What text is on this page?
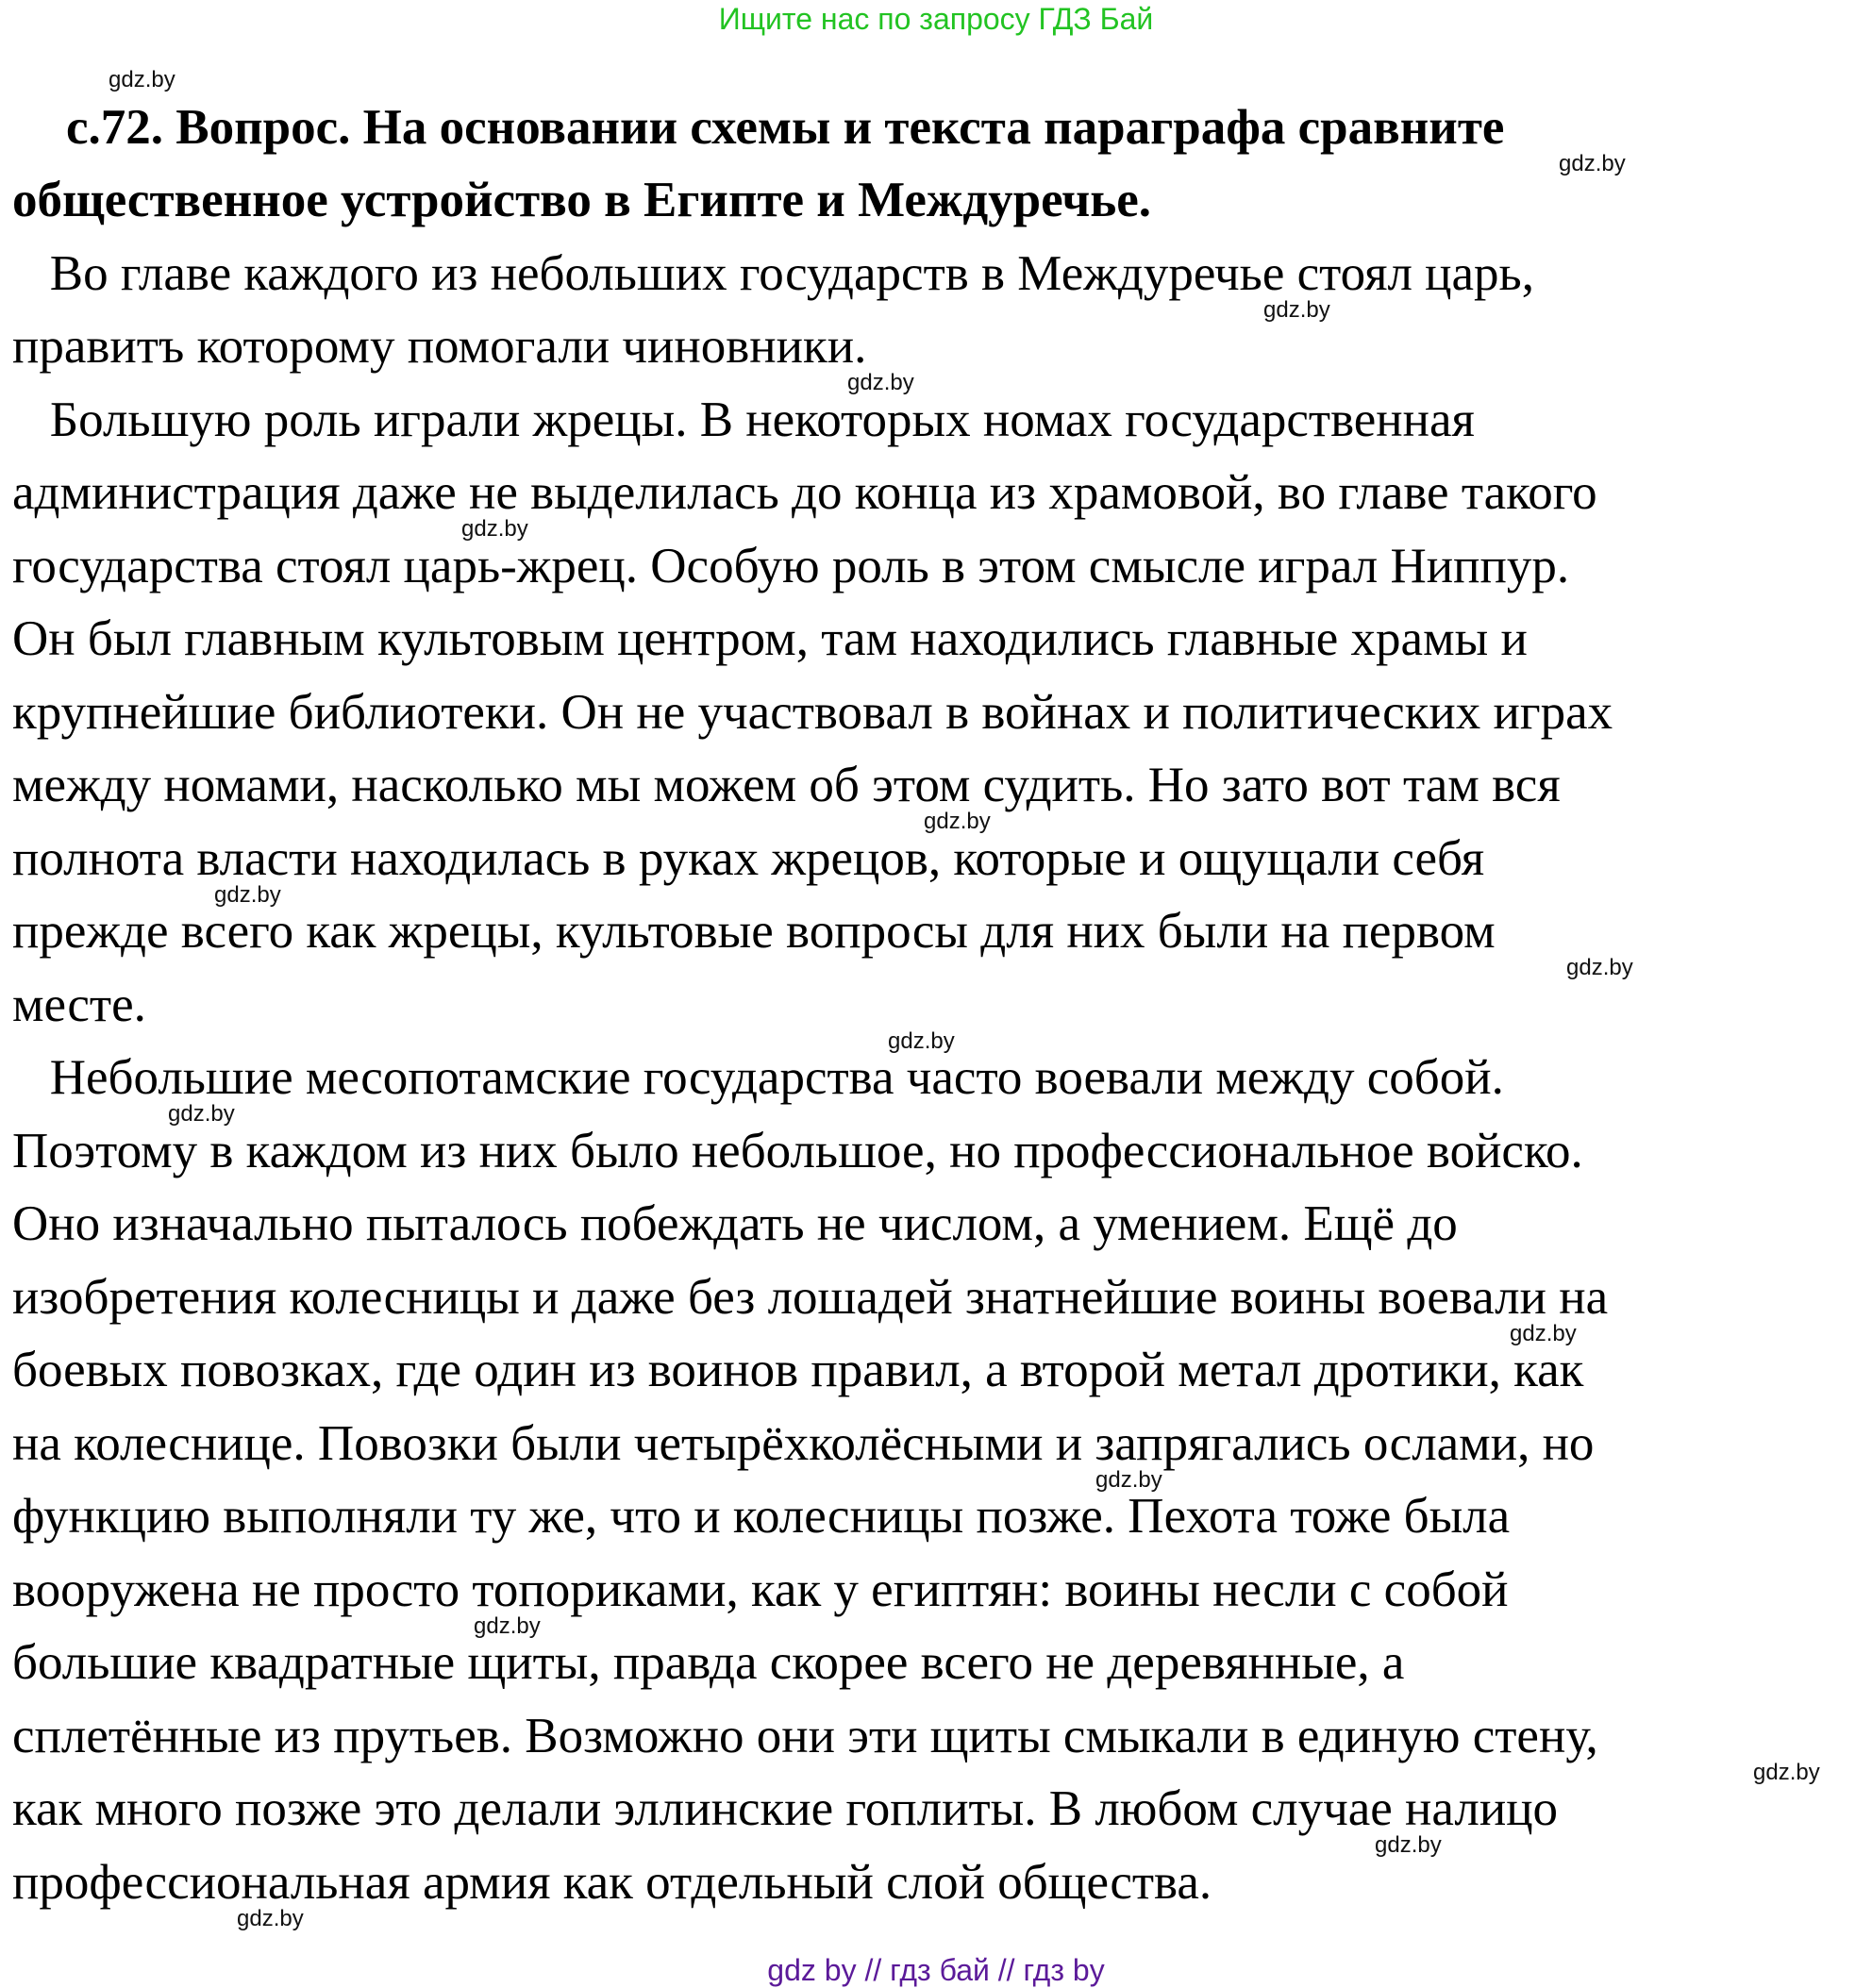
Ищите нас по запросу ГДЗ Бай
с.72. Вопрос. На основании схемы и текста параграфа сравните
общественное устройство в Египте и Междуречье.
Во главе каждого из небольших государств в Междуречье стоял царь,
правитъ которому помогали чиновники.
Большую роль играли жрецы. В некоторых номах государственная
администрация даже не выделилась до конца из храмовой, во главе такого
государства стоял царь-жрец. Особую роль в этом смысле играл Ниппур.
Он был главным культовым центром, там находились главные храмы и
крупнейшие библиотеки. Он не участвовал в войнах и политических играх
между номами, насколько мы можем об этом судить. Но зато вот там вся
полнота власти находилась в руках жрецов, которые и ощущали себя
прежде всего как жрецы, культовые вопросы для них были на первом
месте.
Небольшие месопотамские государства часто воевали между собой.
Поэтому в каждом из них было небольшое, но профессиональное войско.
Оно изначально пыталось побеждать не числом, а умением. Ещё до
изобретения колесницы и даже без лошадей знатнейшие воины воевали на
боевых повозках, где один из воинов правил, а второй метал дротики, как
на колеснице. Повозки были четырёхколёсными и запрягались ослами, но
функцию выполняли ту же, что и колесницы позже. Пехота тоже была
вооружена не просто топориками, как у египтян: воины несли с собой
большие квадратные щиты, правда скорее всего не деревянные, а
сплетённые из прутьев. Возможно они эти щиты смыкали в единую стену,
как много позже это делали эллинские гоплиты. В любом случае налицо
профессиональная армия как отдельный слой общества.
gdz.by
gdz.by
gdz.by
gdz.by
gdz.by
gdz.by
gdz.by
gdz.by
gdz.by
gdz.by
gdz.by
gdz.by
gdz.by
gdz.by
gdz.by
gdz.by
gdz by // гдз бай // гдз by
